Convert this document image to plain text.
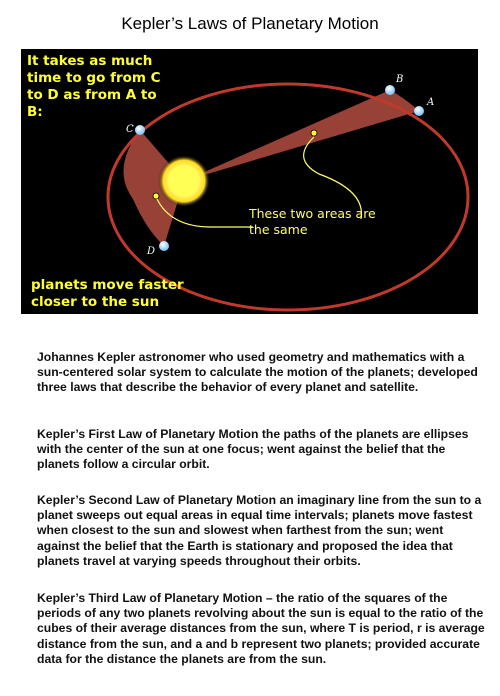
Kepler’s Laws of Planetary Motion
A
B
C
D
It takes as much time to go from C to D as from A to B:
These two areas are the same
planets move faster closer to the sun
Johannes Kepler astronomer who used geometry and mathematics with a sun-centered solar system to calculate the motion of the planets; developed three laws that describe the behavior of every planet and satellite.
Kepler’s First Law of Planetary Motion the paths of the planets are ellipses with the center of the sun at one focus; went against the belief that the planets follow a circular orbit.
Kepler’s Second Law of Planetary Motion an imaginary line from the sun to a planet sweeps out equal areas in equal time intervals; planets move fastest when closest to the sun and slowest when farthest from the sun; went against the belief that the Earth is stationary and proposed the idea that planets travel at varying speeds throughout their orbits.
Kepler’s Third Law of Planetary Motion – the ratio of the squares of the periods of any two planets revolving about the sun is equal to the ratio of the cubes of their average distances from the sun, where T is period, r is average distance from the sun, and a and b represent two planets; provided accurate data for the distance the planets are from the sun.
